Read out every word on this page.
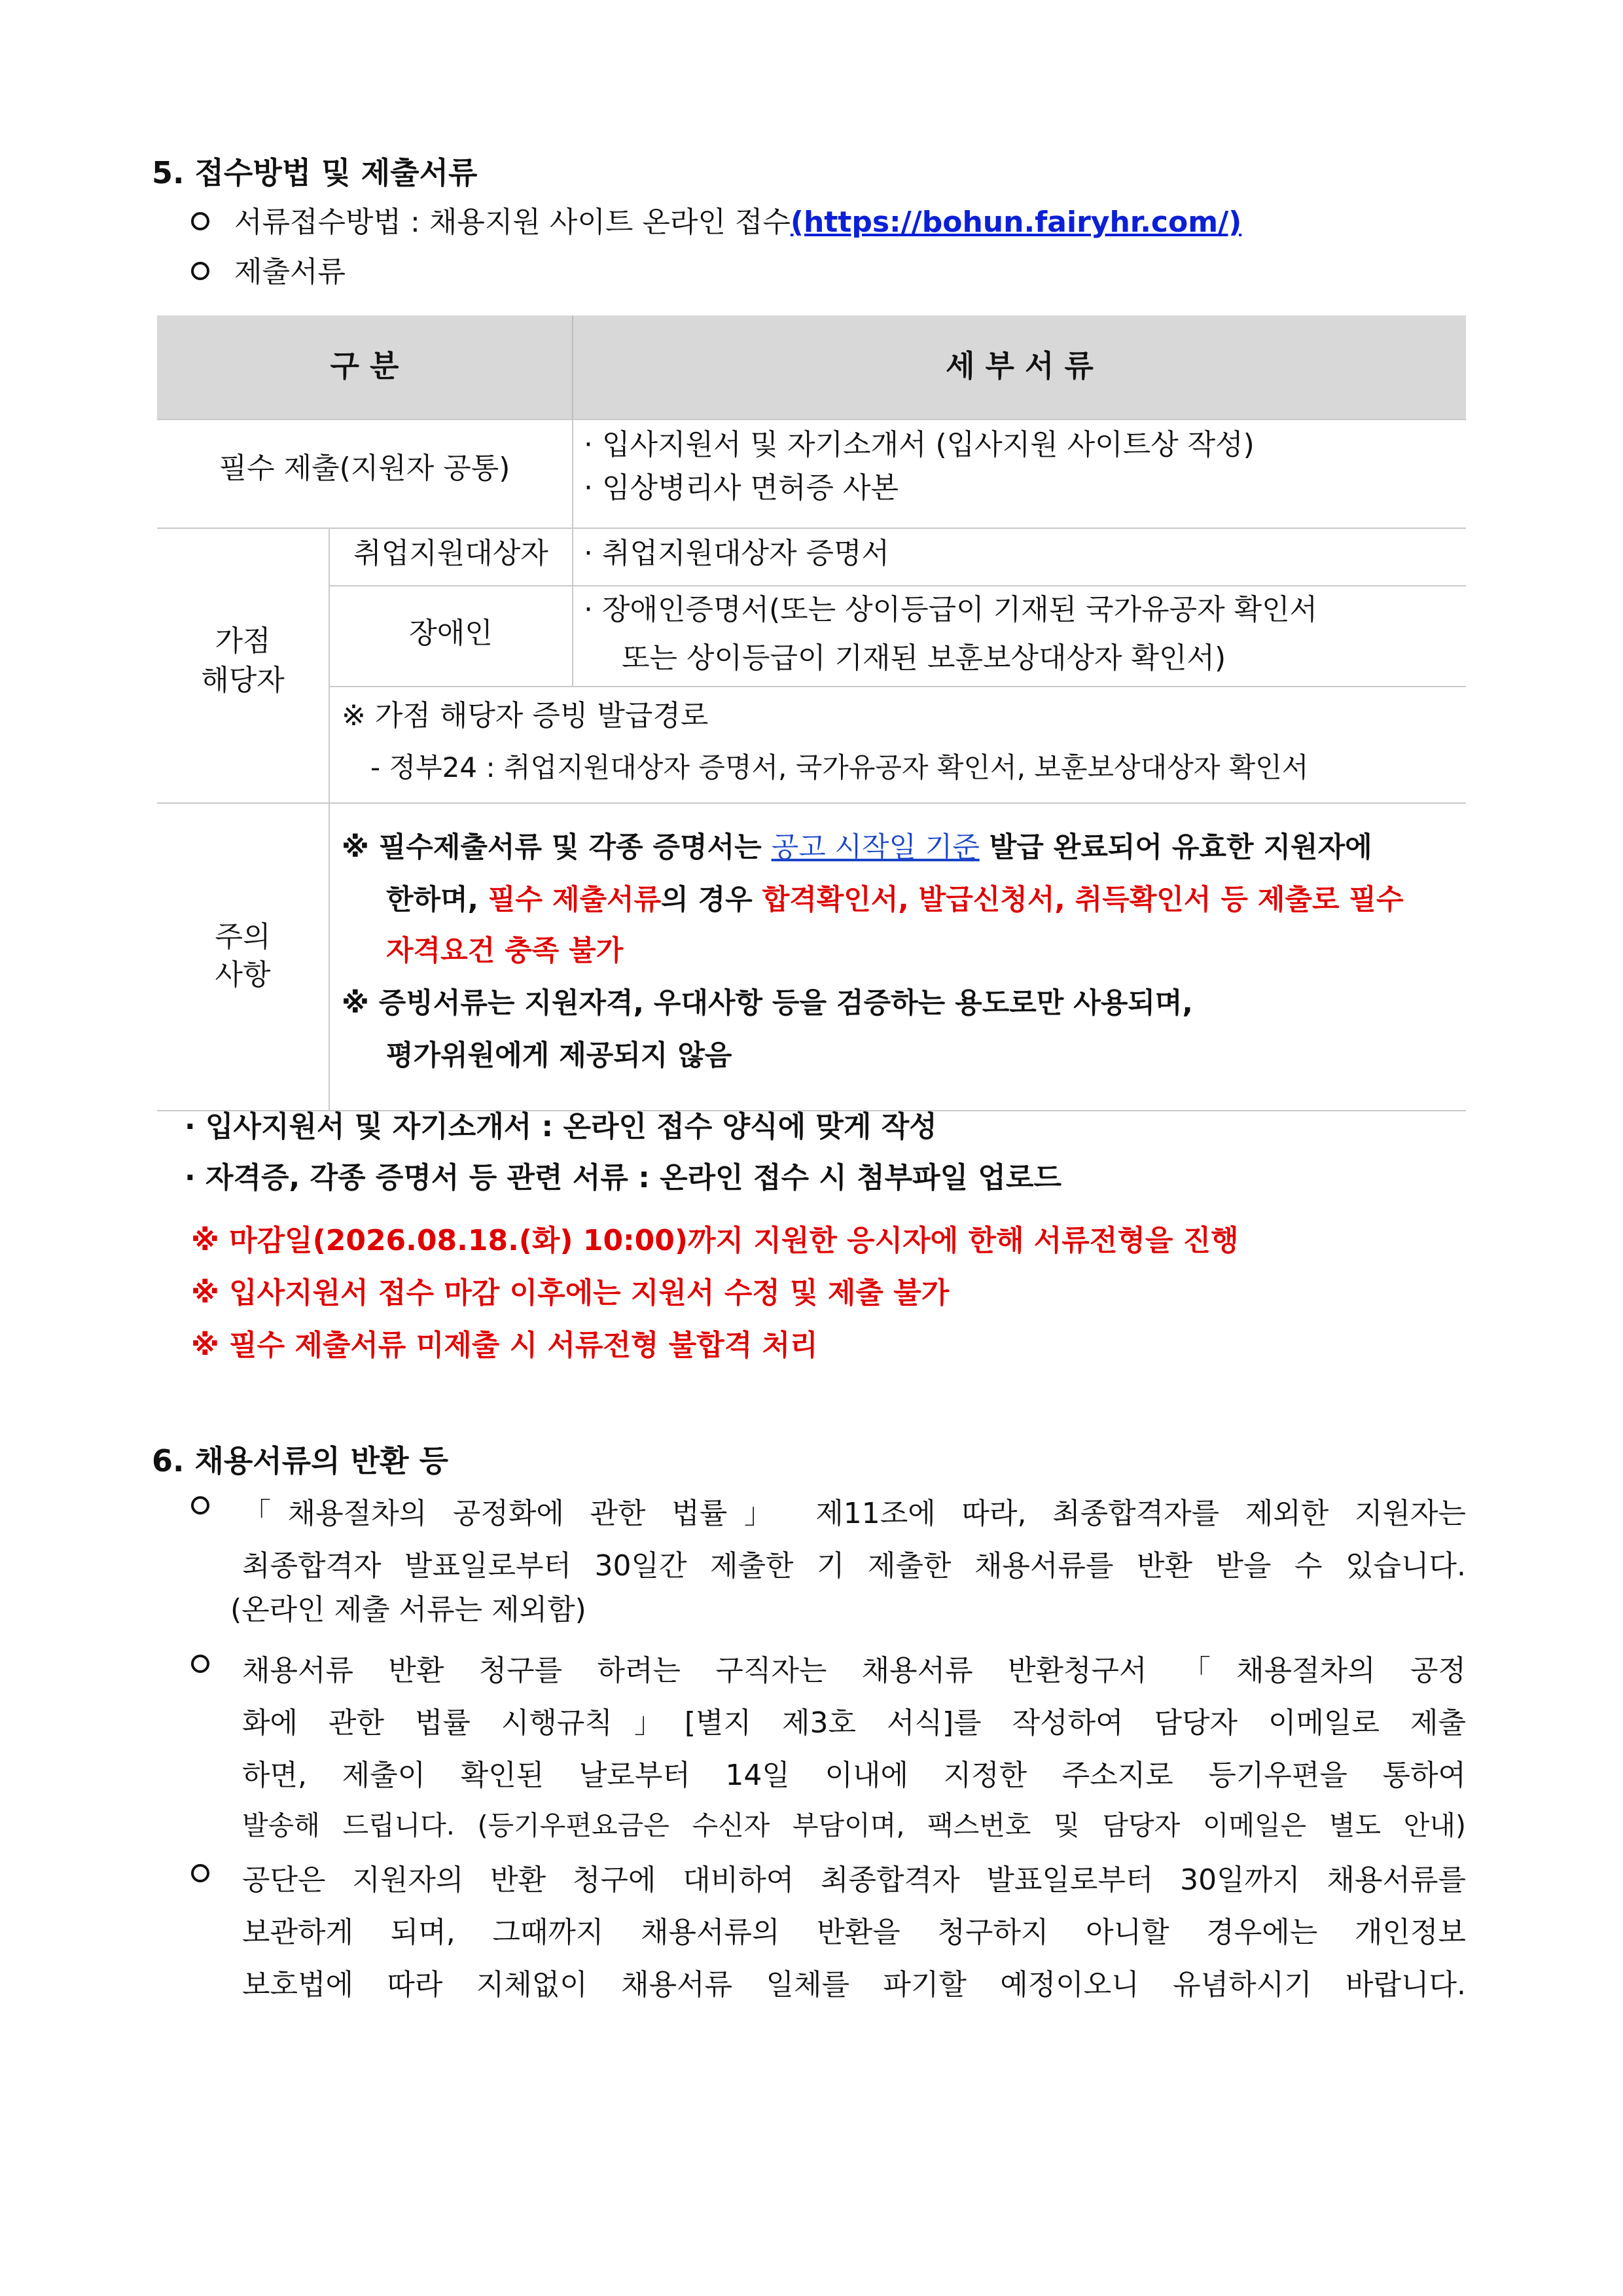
5. 접수방법 및 제출서류
서류접수방법 : 채용지원 사이트 온라인 접수(https://bohun.fairyhr.com/)
제출서류
구 분	세 부 서 류
필수 제출(지원자 공통)
· 입사지원서 및 자기소개서 (입사지원 사이트상 작성)
· 임상병리사 면허증 사본
가점
해당자
취업지원대상자	· 취업지원대상자 증명서
장애인
· 장애인증명서(또는 상이등급이 기재된 국가유공자 확인서
또는 상이등급이 기재된 보훈보상대상자 확인서)
※ 가점 해당자 증빙 발급경로
- 정부24 : 취업지원대상자 증명서, 국가유공자 확인서, 보훈보상대상자 확인서
주의
사항
※ 필수제출서류 및 각종 증명서는 공고 시작일 기준 발급 완료되어 유효한 지원자에
한하며, 필수 제출서류의 경우 합격확인서, 발급신청서, 취득확인서 등 제출로 필수
자격요건 충족 불가
※ 증빙서류는 지원자격, 우대사항 등을 검증하는 용도로만 사용되며,
평가위원에게 제공되지 않음
· 입사지원서 및 자기소개서 : 온라인 접수 양식에 맞게 작성
· 자격증, 각종 증명서 등 관련 서류 : 온라인 접수 시 첨부파일 업로드
※ 마감일(2026.08.18.(화) 10:00)까지 지원한 응시자에 한해 서류전형을 진행
※ 입사지원서 접수 마감 이후에는 지원서 수정 및 제출 불가
※ 필수 제출서류 미제출 시 서류전형 불합격 처리
6. 채용서류의 반환 등
「채용절차의 공정화에 관한 법률」 제11조에 따라, 최종합격자를 제외한 지원자는
최종합격자 발표일로부터 30일간 제출한 기 제출한 채용서류를 반환 받을 수 있습니다.
(온라인 제출 서류는 제외함)
채용서류 반환 청구를 하려는 구직자는 채용서류 반환청구서 「채용절차의 공정
화에 관한 법률 시행규칙」[별지 제3호 서식]를 작성하여 담당자 이메일로 제출
하면, 제출이 확인된 날로부터 14일 이내에 지정한 주소지로 등기우편을 통하여
발송해 드립니다. (등기우편요금은 수신자 부담이며, 팩스번호 및 담당자 이메일은 별도 안내)
공단은 지원자의 반환 청구에 대비하여 최종합격자 발표일로부터 30일까지 채용서류를
보관하게 되며, 그때까지 채용서류의 반환을 청구하지 아니할 경우에는 개인정보
보호법에 따라 지체없이 채용서류 일체를 파기할 예정이오니 유념하시기 바랍니다.
